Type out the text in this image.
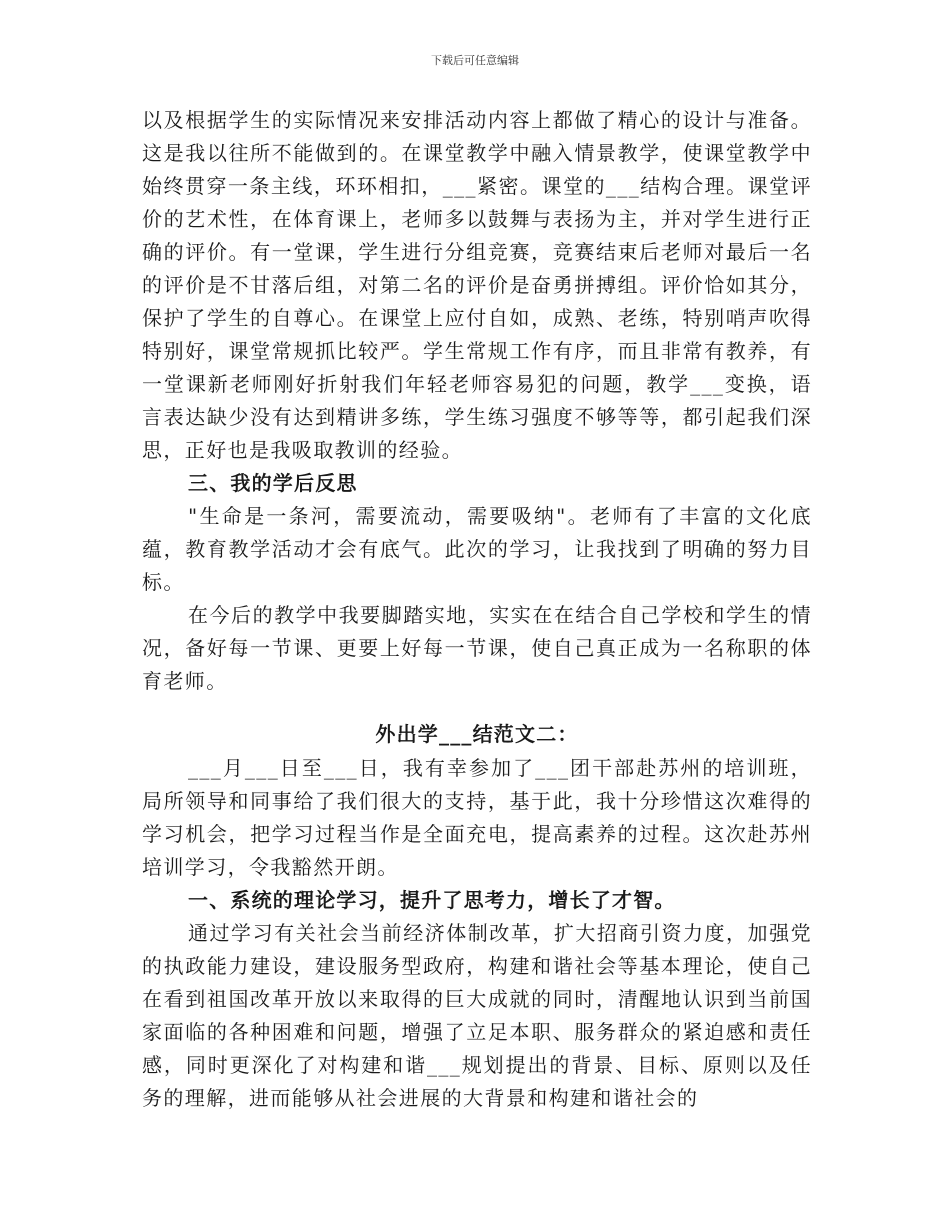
下载后可任意编辑

以及根据学生的实际情况来安排活动内容上都做了精心的设计与准备。这是我以往所不能做到的。在课堂教学中融入情景教学，使课堂教学中始终贯穿一条主线，环环相扣，___紧密。课堂的___结构合理。课堂评价的艺术性，在体育课上，老师多以鼓舞与表扬为主，并对学生进行正确的评价。有一堂课，学生进行分组竞赛，竞赛结束后老师对最后一名的评价是不甘落后组，对第二名的评价是奋勇拼搏组。评价恰如其分，保护了学生的自尊心。在课堂上应付自如，成熟、老练，特别哨声吹得特别好，课堂常规抓比较严。学生常规工作有序，而且非常有教养，有一堂课新老师刚好折射我们年轻老师容易犯的问题，教学___变换，语言表达缺少没有达到精讲多练，学生练习强度不够等等，都引起我们深思，正好也是我吸取教训的经验。

三、我的学后反思

"生命是一条河，需要流动，需要吸纳"。老师有了丰富的文化底蕴，教育教学活动才会有底气。此次的学习，让我找到了明确的努力目标。

在今后的教学中我要脚踏实地，实实在在结合自己学校和学生的情况，备好每一节课、更要上好每一节课，使自己真正成为一名称职的体育老师。

外出学___结范文二：

___月___日至___日，我有幸参加了___团干部赴苏州的培训班，局所领导和同事给了我们很大的支持，基于此，我十分珍惜这次难得的学习机会，把学习过程当作是全面充电，提高素养的过程。这次赴苏州培训学习，令我豁然开朗。

一、系统的理论学习，提升了思考力，增长了才智。

通过学习有关社会当前经济体制改革，扩大招商引资力度，加强党的执政能力建设，建设服务型政府，构建和谐社会等基本理论，使自己在看到祖国改革开放以来取得的巨大成就的同时，清醒地认识到当前国家面临的各种困难和问题，增强了立足本职、服务群众的紧迫感和责任感，同时更深化了对构建和谐___规划提出的背景、目标、原则以及任务的理解，进而能够从社会进展的大背景和构建和谐社会的
